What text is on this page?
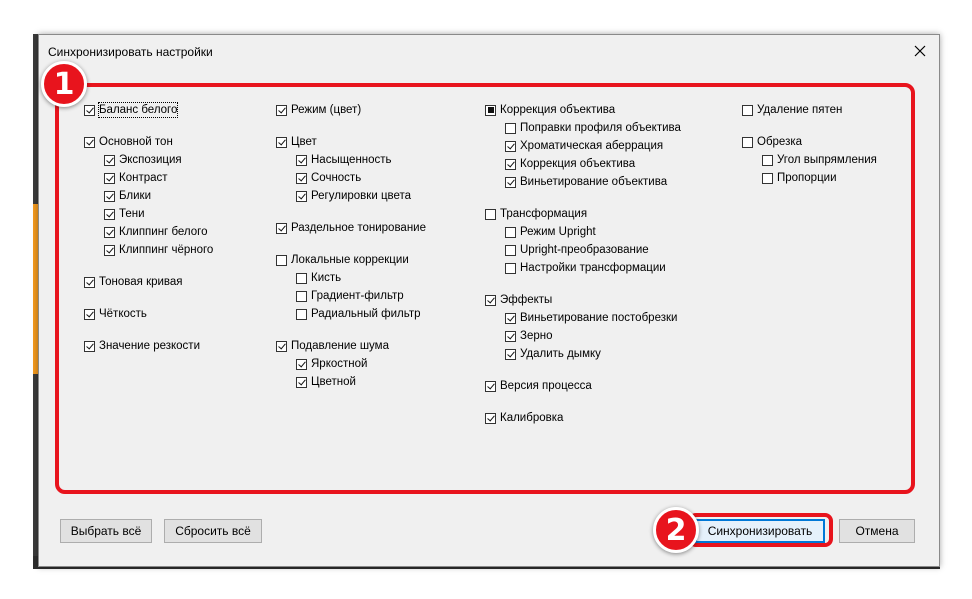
Синхронизировать настройки
Баланс белого
Основной тон
Экспозиция
Контраст
Блики
Тени
Клиппинг белого
Клиппинг чёрного
Тоновая кривая
Чёткость
Значение резкости
Режим (цвет)
Цвет
Насыщенность
Сочность
Регулировки цвета
Раздельное тонирование
Локальные коррекции
Кисть
Градиент-фильтр
Радиальный фильтр
Подавление шума
Яркостной
Цветной
Коррекция объектива
Поправки профиля объектива
Хроматическая аберрация
Коррекция объектива
Виньетирование объектива
Трансформация
Режим Upright
Upright-преобразование
Настройки трансформации
Эффекты
Виньетирование постобрезки
Зерно
Удалить дымку
Версия процесса
Калибровка
Удаление пятен
Обрезка
Угол выпрямления
Пропорции
Выбрать всё	Сбросить всё	Синхронизировать	Отмена
1
2
